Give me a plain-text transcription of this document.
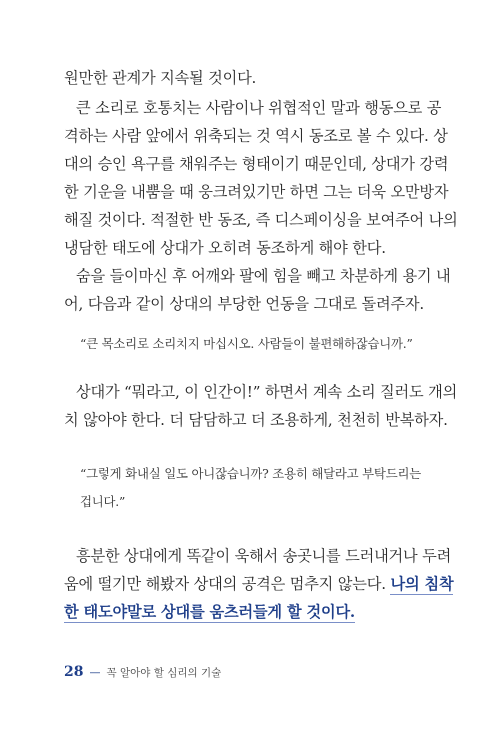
원만한 관계가 지속될 것이다.
큰 소리로 호통치는 사람이나 위협적인 말과 행동으로 공
격하는 사람 앞에서 위축되는 것 역시 동조로 볼 수 있다. 상
대의 승인 욕구를 채워주는 형태이기 때문인데, 상대가 강력
한 기운을 내뿜을 때 웅크려있기만 하면 그는 더욱 오만방자
해질 것이다. 적절한 반 동조, 즉 디스페이싱을 보여주어 나의
냉담한 태도에 상대가 오히려 동조하게 해야 한다.
숨을 들이마신 후 어깨와 팔에 힘을 빼고 차분하게 용기 내
어, 다음과 같이 상대의 부당한 언동을 그대로 돌려주자.
“큰 목소리로 소리치지 마십시오. 사람들이 불편해하잖습니까.”
상대가 “뭐라고, 이 인간이!” 하면서 계속 소리 질러도 개의
치 않아야 한다. 더 담담하고 더 조용하게, 천천히 반복하자.
“그렇게 화내실 일도 아니잖습니까? 조용히 해달라고 부탁드리는
겁니다.”
흥분한 상대에게 똑같이 욱해서 송곳니를 드러내거나 두려
움에 떨기만 해봤자 상대의 공격은 멈추지 않는다. 나의 침착
한 태도야말로 상대를 움츠러들게 할 것이다.
28 — 꼭 알아야 할 심리의 기술
